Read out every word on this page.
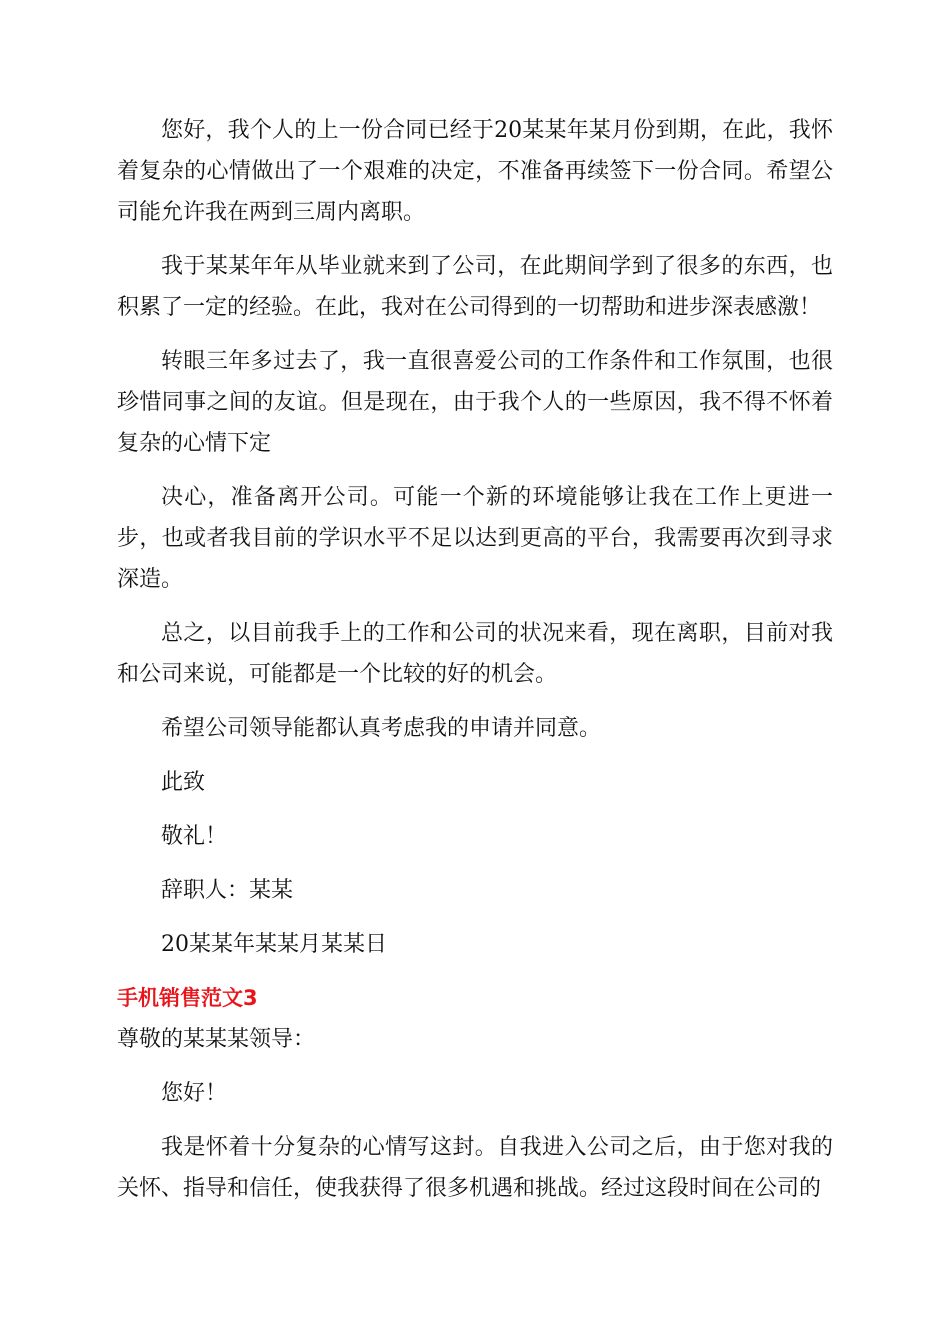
您好，我个人的上一份合同已经于20某某年某月份到期，在此，我怀着复杂的心情做出了一个艰难的决定，不准备再续签下一份合同。希望公司能允许我在两到三周内离职。

我于某某年年从毕业就来到了公司，在此期间学到了很多的东西，也积累了一定的经验。在此，我对在公司得到的一切帮助和进步深表感激！

转眼三年多过去了，我一直很喜爱公司的工作条件和工作氛围，也很珍惜同事之间的友谊。但是现在，由于我个人的一些原因，我不得不怀着复杂的心情下定

决心，准备离开公司。可能一个新的环境能够让我在工作上更进一步，也或者我目前的学识水平不足以达到更高的平台，我需要再次到寻求深造。

总之，以目前我手上的工作和公司的状况来看，现在离职，目前对我和公司来说，可能都是一个比较的好的机会。

希望公司领导能都认真考虑我的申请并同意。

此致

敬礼！

辞职人：某某

20某某年某某月某某日

手机销售范文3

尊敬的某某某领导：

您好！

我是怀着十分复杂的心情写这封。自我进入公司之后，由于您对我的关怀、指导和信任，使我获得了很多机遇和挑战。经过这段时间在公司的
